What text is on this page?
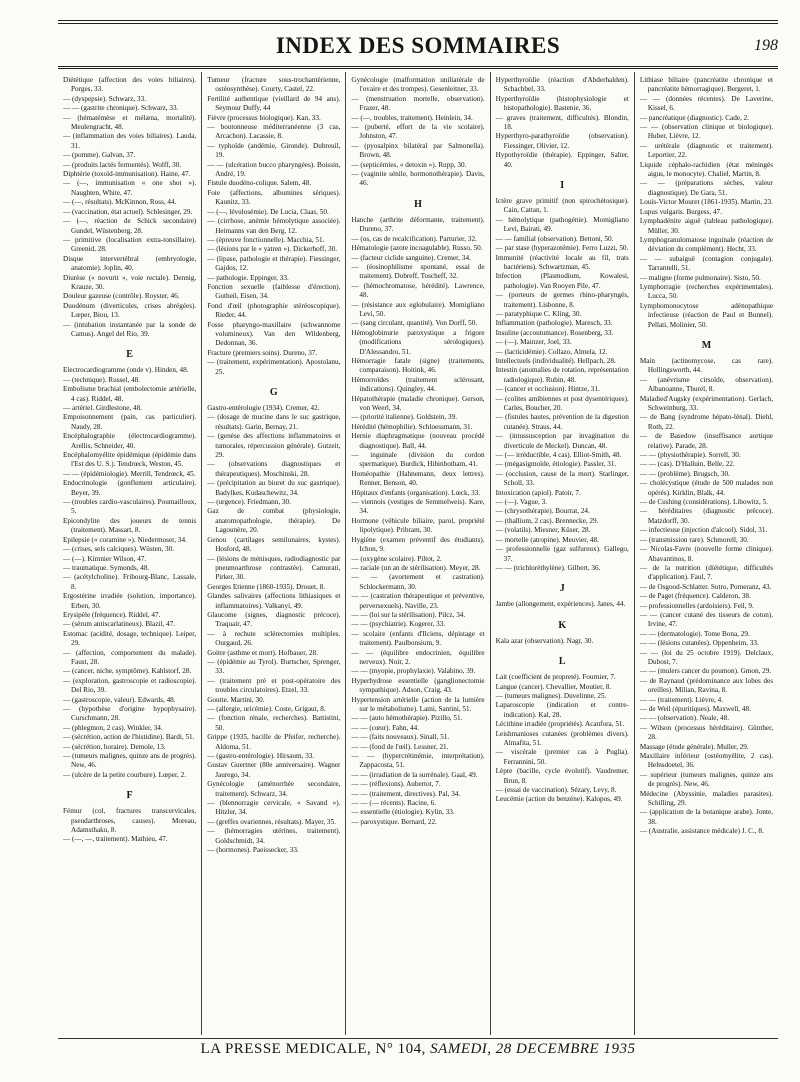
INDEX DES SOMMAIRES	198

Diététique (affection des voies biliaires). Porges, 33.

— (dyspepsie). Schwarz, 33.

— — (gastrite chronique). Schwarz, 33.

— (hématémèse et mélæna, mortalité). Meulengracht, 48.

— (inflammation des voies biliaires). Lauda, 31.

— (pomme). Galvan, 37.

— (produits lactés fermentés). Wolff, 30.

Diphtérie (toxoïd-immunisation). Haine, 47.

— (—, immunisation « one shot »). Naughten, White, 47.

— (—, résultats). McKinnon, Ross, 44.

— (vaccination, état actuel). Schlesinger, 29.

— (—, réaction de Schick secondaire) Gundel, Wüstenberg, 28.

— primitive (localisation extra-tonsillaire). Greenid, 28.

Disque intervertébral (embryologie, anatomie). Joplin, 40.

Diurèse (« novurit », voie rectale). Dennig, Krauze, 30.

Douleur gazeuse (contrôle). Royster, 46.

Duodénum (diverticules, crises abrégées). Lœper, Biou, 13.

— (intubation instantanée par la sonde de Camus). Angel del Rio, 39.

E

Electrocardiogramme (onde v). Hinden, 48.

— (technique). Russel, 48.

Embolisme brachial (embolectomie artérielle, 4 cas). Riddel, 48.

— artériel. Girdlestone, 48.

Empoisonnement (pain, cas particulier). Naudy, 28.

Encéphalographie (électrocardiogramme). Arellis, Schneider, 40.

Encéphalomyélite épidémique (épidémie dans l'Est des U. S.). Tendrœck, Weston, 45.

— — (épidémiologie). Merrill, Tendrœck, 45.

Endocrinologie (gonflement articulaire). Beyer, 39.

— (troubles cardio-vasculaires). Poumailloux, 5.

Epicondylite des joueurs de tennis (traitement). Massart, 8.

Epilepsie (« coramine »). Niedermoser, 34.

— (crises, sels calciques). Wüsten, 30.

— (—). Kimnier Wilson, 47.

— traumatique. Symonds, 48.

— (acétylcholine). Fribourg-Blanc, Lassale, 8.

Ergostérine irradiée (solution, importance). Erben, 30.

Erysipèle (fréquence). Riddel, 47.

— (sérum antiscarlatineux). Blazil, 47.

Estomac (acidité, dosage, technique). Leiper, 29.

— (affection, comportement du malade). Faust, 28.

— (cancer, niche, symptôme). Kahlstorf, 28.

— (exploration, gastroscopie et radioscopie). Del Rio, 39.

— (gastroscopie, valeur). Edwards, 48.

— (hypothèse d'origine hypophysaire). Curschmann, 28.

— (phlegmon, 2 cas). Winkler, 34.

— (sécrétion, action de l'histidine). Bardi, 51.

— (sécrétion, horaire). Demole, 13.

— (tumeurs malignes, quinze ans de progrès). New, 46.

— (ulcère de la petite courbure). Lœper, 2.

F

Fémur (col, fractures transcervicales, pseudarthroses, causes). Moreau, Adamsthaku, 8.

— (—, —, traitement). Mathieu, 47.

Tumeur (fracture sous-trochantérienne, ostéosynthèse). Courty, Castel, 22.

Fertilité authentique (vieillard de 94 ans). Seymour Duffy, 44

Fièvre (processus biologique). Kan, 33.

— boutonneuse méditerranéenne (3 cas, Arcachon). Lacassie, 8.

— typhoïde (andémie, Gironde). Dubreuil, 19.

— — (ulcération bucco pharyngées). Boissin, André, 19.

Fistule duodéno-colique. Salem, 48.

Foie (affections, albumines sériques). Kaunitz, 33.

— (—, lévulosémie). De Lucia, Claas, 50.

— (cirrhose, anémie hémolytique associée). Heimanns van den Berg, 12.

— (épreuve fonctionnelle). Macchia, 51.

— (lésions par le « yatren »). Dickerhoff, 30.

— (lipase, pathologie et thérapie). Fiessinger, Gajdos, 12.

— pathologie. Eppinger, 33.

Fonction sexuelle (faiblesse d'érection). Gutheil, Eisen, 34.

Fond d'œil (photographie stéréoscopique). Rieder, 44.

Fosse pharyngo-maxillaire (schwannome volumineux). Van den Wildenberg, Dedonnan, 36.

Fracture (premiers soins). Dureno, 37.

— (traitement, expérimentation). Apostolanu, 25.

G

Gastro-entérologie (1934). Cremer, 42.

— (dosage de mucine dans le suc gastrique, résultats). Garin, Bernay, 21.

— (genèse des affections inflammatoires et tumorales, répercussion générale). Gutzeit, 29.

— (observations diagnostiques et thérapeutiques). Moschinski, 28.

— (précipitation au biuret du suc gastrique). Badylkes, Kudaschewitz, 34.

— (urgence). Friedmann, 30.

Gaz de combat (physiologie, anatomopathologie, thérapie). De Lagounère, 20.

Genou (cartilages semilunaires, kystes). Hosford, 48.

— (lésions de ménisques, radiodiagnostic par pneumoarthrose contrastée). Camurati, Pirker, 30.

Georges Etienne (1860-1935). Drouet, 8.

Glandes salivaires (affections lithiasiques et inflammatoires). Valkanyi, 49.

Glaucome (signes, diagnostic précoce). Traquair, 47.

— à rechute sclérectomies multiples. Ourgaud, 26.

Goitre (asthme et mort). Hofbauer, 28.

— (épidémie au Tyrol). Burtscher, Sprenger, 33.

— (traitement pré et post-opératoire des troubles circulatoires). Etzel, 33.

Goutte. Martini, 30.

— (allergie, uricémie). Coste, Grigaut, 8.

— (fonction rénale, recherches). Battistini, 50.

Grippe (1935, bacille de Pfeifer, recherche). Aldoma, 51.

— (gastro-entérologie). Hirsaum, 33.

Gustav Guertner (80e anniversaire). Wagner Jaurego, 34.

Gynécologie (aménorrhée secondaire, traitement). Schwarz, 34.

— (blennorragie cervicale, « Savand »). Hitzler, 34.

— (greffes ovariennes, résultats). Mayer, 35.

— (hémorragies utérines, traitement). Goldschmidt, 34.

— (hormones). Paeissecker, 33.

Gynécologie (malformation uniliatérale de l'ovaire et des trompes). Gesenleitner, 33.

— (menstruation mortelle, observation). Frazer, 48.

— (—, troubles, traitement). Heinlein, 34.

— (puberté, effort de la vie scolaire). Johnston, 47.

— (pyosalpinx bilatéral par Salmonella). Brown, 48.

— (septicémies, « detoxin »). Rupp, 30.

— (vaginite sénile, hormonothérapie). Davis, 46.

H

Hanche (arthrite déformante, traitement). Dureno, 37.

— (os, cas de recalcification). Parturier, 32.

Hématologie (azote incoagulable). Russo, 50.

— (facteur ciclide sanguine). Cremer, 34.

— (éosinophilisme spontané, essai de traitement). Dobreff, Toscheff, 32.

— (hémochromatose, hérédité). Lawrence, 48.

— (résistance aux eglobulaire). Momigliano Levi, 50.

— (sang circulant, quantité). Von Dorff, 50.

Hémoglobinurie paroxystique a frigore (modifications sérologiques). D'Alessandro, 51.

Hémorragie fatale (signe) (traitements, comparaison). Hoitink, 46.

Hémorroïdes (traitement sclérosant, indications). Quingley, 44.

Hépatothérapie (maladie chronique). Gerson, von Weerl, 34.

— (priorité italienne). Goldstein, 39.

Hérédité (hémophilie). Schloessmann, 31.

Hernie diaphragmatique (nouveau procédé diagnostique). Ball, 44.

— inguinale (division du cordon spermatique). Burdick, Hibinbotham, 41.

Homéopathie (Hahnemann, deux lettres). Renner, Benson, 40.

Hôpitaux d'enfants (organisation). Lœck, 33.

— viennois (vestiges de Semmelweis). Kare, 34.

Hormone (véhicule biliaire, parol, propriété lipolytique). Pribram, 30.

Hygiène (examen préventif des étudiants). Ichon, 9.

— (oxygène scolaire). Piltot, 2.

— raciale (un an de stérilisation). Meyer, 28.

— — (avortement et castration). Schlockermann, 30.

— — (castration thérapeutique et préventive, perversexuels). Naville, 23.

— — (loi sur la stérilisation). Pilcz, 34.

— — (psychiatrie). Kogerer, 33.

— scolaire (enfants d'Ilciens, dépistage et traitement). Paulbonsium, 9.

— — (équilibre endocrinien, équilibre nerveux). Noir, 2.

— — (myopie, prophylaxie). Valabino, 39.

Hyperhydrose essentielle (ganglionectomie sympathique). Adson, Craig, 43.

Hypertension artérielle (action de la lumière sur le métabolisme). Lami, Santini, 51.

— — (auto hémothérapie). Pizillo, 51.

— — (cœur). Fahn, 44.

— — (faits nouveaux). Sinall, 51.

— — (fond de l'œil). Lessner, 21.

— — (hypercrétinémie, interprétation). Zappacosta, 51.

— — (irradiation de la surrénale). Gaal, 49.

— — (réflexions). Aubertot, 7.

— — (traitement, directives). Pal, 34.

— — (— récents). Racine, 6.

— essentielle (étiologie). Kylin, 33.

— paroxystique. Bernard, 22.

Hyperthyroïdie (réaction d'Abderhalden). Schachbel, 33.

Hyperthyroïdie (histophysiologie et histopathologie). Bastenie, 36.

— graves (traitement, difficultés). Blondin, 18.

Hyperthyro-parathyroïdie (observation). Fiessinger, Olivier, 12.

Hypothyroïdie (thérapie). Eppinger, Salter, 40.

I

Ictère grave primitif (non spirochétosique). Cain, Cattan, 1.

— hémolytique (pathogénie). Momigliano Levi, Bairati, 49.

— — familial (observation). Bettoni, 50.

— par stase (hyperazotémie). Ferro Luzzi, 50.

Immunité (réactivité locale au fil, trats bactériens). Schwartzman, 45.

Infection (Plasmodium, Kowalesi, pathologie). Van Rooyen Pile, 47.

— (porteurs de germes rhino-pharyngés, traitement). Lisbonne, 8.

— paratyphique C. Kling, 30.

Inflammation (pathologie). Maresch, 33.

Insuline (accoutumance). Rosenberg, 33.

— (—). Mainzer, Joel, 33.

— (lacticidémie). Collazo, Almela, 12.

Intellectuels (individualité). Hellpach, 28.

Intestin (anomalies de rotation, représentation radiologique). Rubin, 48.

— (cancer et occlusion). Hintze, 31.

— (colites amibiennes et post dysentériques). Carles, Boucher, 20.

— (fistules hautes, prévention de la digestion cutanée). Straus, 44.

— (intussusception par invagination du diverticule de Meckel). Duncan, 48.

— (— irréductible, 4 cas). Elliot-Smith, 48.

— (mégasigmoïde, étiologie). Passler, 31.

— (occlusion, cause de la mort). Starlinger, Scholl, 33.

Intoxication (apiol). Patoir, 7.

— (—). Vague, 3.

— (chrysothérapie). Bourrat, 24.

— (thallium, 2 cas). Brennecke, 29.

— (volatils). Miesner, Küser, 28.

— mortelle (atropine). Meuvier, 48.

— professionnelle (gaz sulfureux). Gallego, 37.

— — (trichloréthylène). Gilbert, 36.

J

Jambe (allongement, expériences). Janes, 44.

K

Kala azar (observation). Nagr, 30.

L

Lait (coefficient de propreté). Fournier, 7.

Langue (cancer). Chevallier, Moutier, 8.

— (tumeurs malignes). Duvelinne, 25.

Laparoscopie (indication et contre-indication). Kal, 28.

Lécithine irradiée (propriétés). Acanfora, 51.

Leishmanioses cutanées (problèmes divers). Almafita, 51.

— viscérale (premier cas à Puglia). Ferrannini, 50.

Lèpre (bacille, cycle évolutif). Vaudremer, Brun, 8.

— (essai de vaccination). Sézary, Levy, 8.

Leucémie (action du benzène). Kalopos, 49.

Lithiase biliaire (pancréatite chronique et pancréatite hémorragique). Bergeret, 1.

— — (données récentes). De Laverine, Kissel, 6.

— pancréatique (diagnostic). Cade, 2.

— — (observation clinique et biologique). Huber, Lièvre, 12.

— urétérale (diagnostic et traitement). Leportier, 22.

Liquide céphalo-rachidien (état méningés aigus, le monocyte). Chaliel, Martin, 8.

— — (préparations sèches, valeur diagnostique). De Gara, 51.

Louis-Victor Mouret (1861-1935). Martin, 23.

Lupus vulgaris. Burgess, 47.

Lymphadénite aiguë (tableau pathologique). Müller, 30.

Lymphogranulomatose inguinale (réaction de déviation du complément). Hecht, 33.

— — subaiguë (contagion conjugale). Tarrantelli, 51.

— maligne (forme pulmonaire). Sisto, 50.

Lymphorragie (recherches expérimentales). Lucca, 50.

Lymphomonocytose adénopathique infectieuse (réaction de Paul et Bunnel). Pellati, Molinier, 50.

M

Main (actinomycose, cas rare). Hollingsworth, 44.

— (anévrisme cirsoïde, observation). Albanoanne, Thurel, 8.

Maladied'Augsky (expérimentation). Gerlach, Schweinburg, 33.

— de Bang (syndrome hépato-lénal). Diehl, Roth, 22.

— de Basedow (insuffisance aortique relative). Parade, 28.

— — (physiothérapie). Sorrell, 30.

— — (cas). D'Halluin, Belle, 22.

— — (problème). Brugsch, 30.

— cholécystique (étude de 500 malades non opérés). Kirklin, Blalk, 44.

— de Cushing (considérations). Libowitz, 5.

— héréditaires (diagnostic précoce). Matzdorff, 30.

— infectieuse (injection d'alcool). Sidol, 31.

— (transmission rare). Schmorell, 30.

— Nicolas-Favre (nouvelle forme clinique). Abavantinos, 8.

— de la nutrition (diététique, difficultés d'application). Faul, 7.

— de Osgood-Schlatter. Sutro, Pomeranz, 43.

— de Paget (fréquence). Calderon, 38.

— professionnelles (ardoisiers). Feil, 9.

— — (cancer cutané des tisseurs de coton). Irvine, 47.

— — (dermatologie). Tome Bona, 29.

— — (lésions cutanées). Oppenheim, 33.

— — (loi du 25 octobre 1919). Delclaux, Dubost, 7.

— — (mulers cancer du poumon). Gmon, 29.

— de Raynaud (prédominance aux lobes des oreilles). Milian, Ravina, 8.

— — (traitement). Lièvre, 4.

— de Weil (épuritiques). Maxwell, 48.

— — (observation). Neale, 48.

— Wilson (processus héréditaire). Günther, 28.

Massage (étude générale). Muller, 29.

Maxillaire inférieur (ostéomyélite, 2 cas). Helnsdoetel, 36.

— supérieur (tumeurs malignes, quinze ans de progrès). New, 46.

Médecine (Abyssinie, maladies parasites). Schilling, 29.

— (application de la botanique arabe). Jonte, 38.

— (Australie, assistance médicale) J. C., 8.

LA PRESSE MEDICALE, N° 104, SAMEDI, 28 DECEMBRE 1935
